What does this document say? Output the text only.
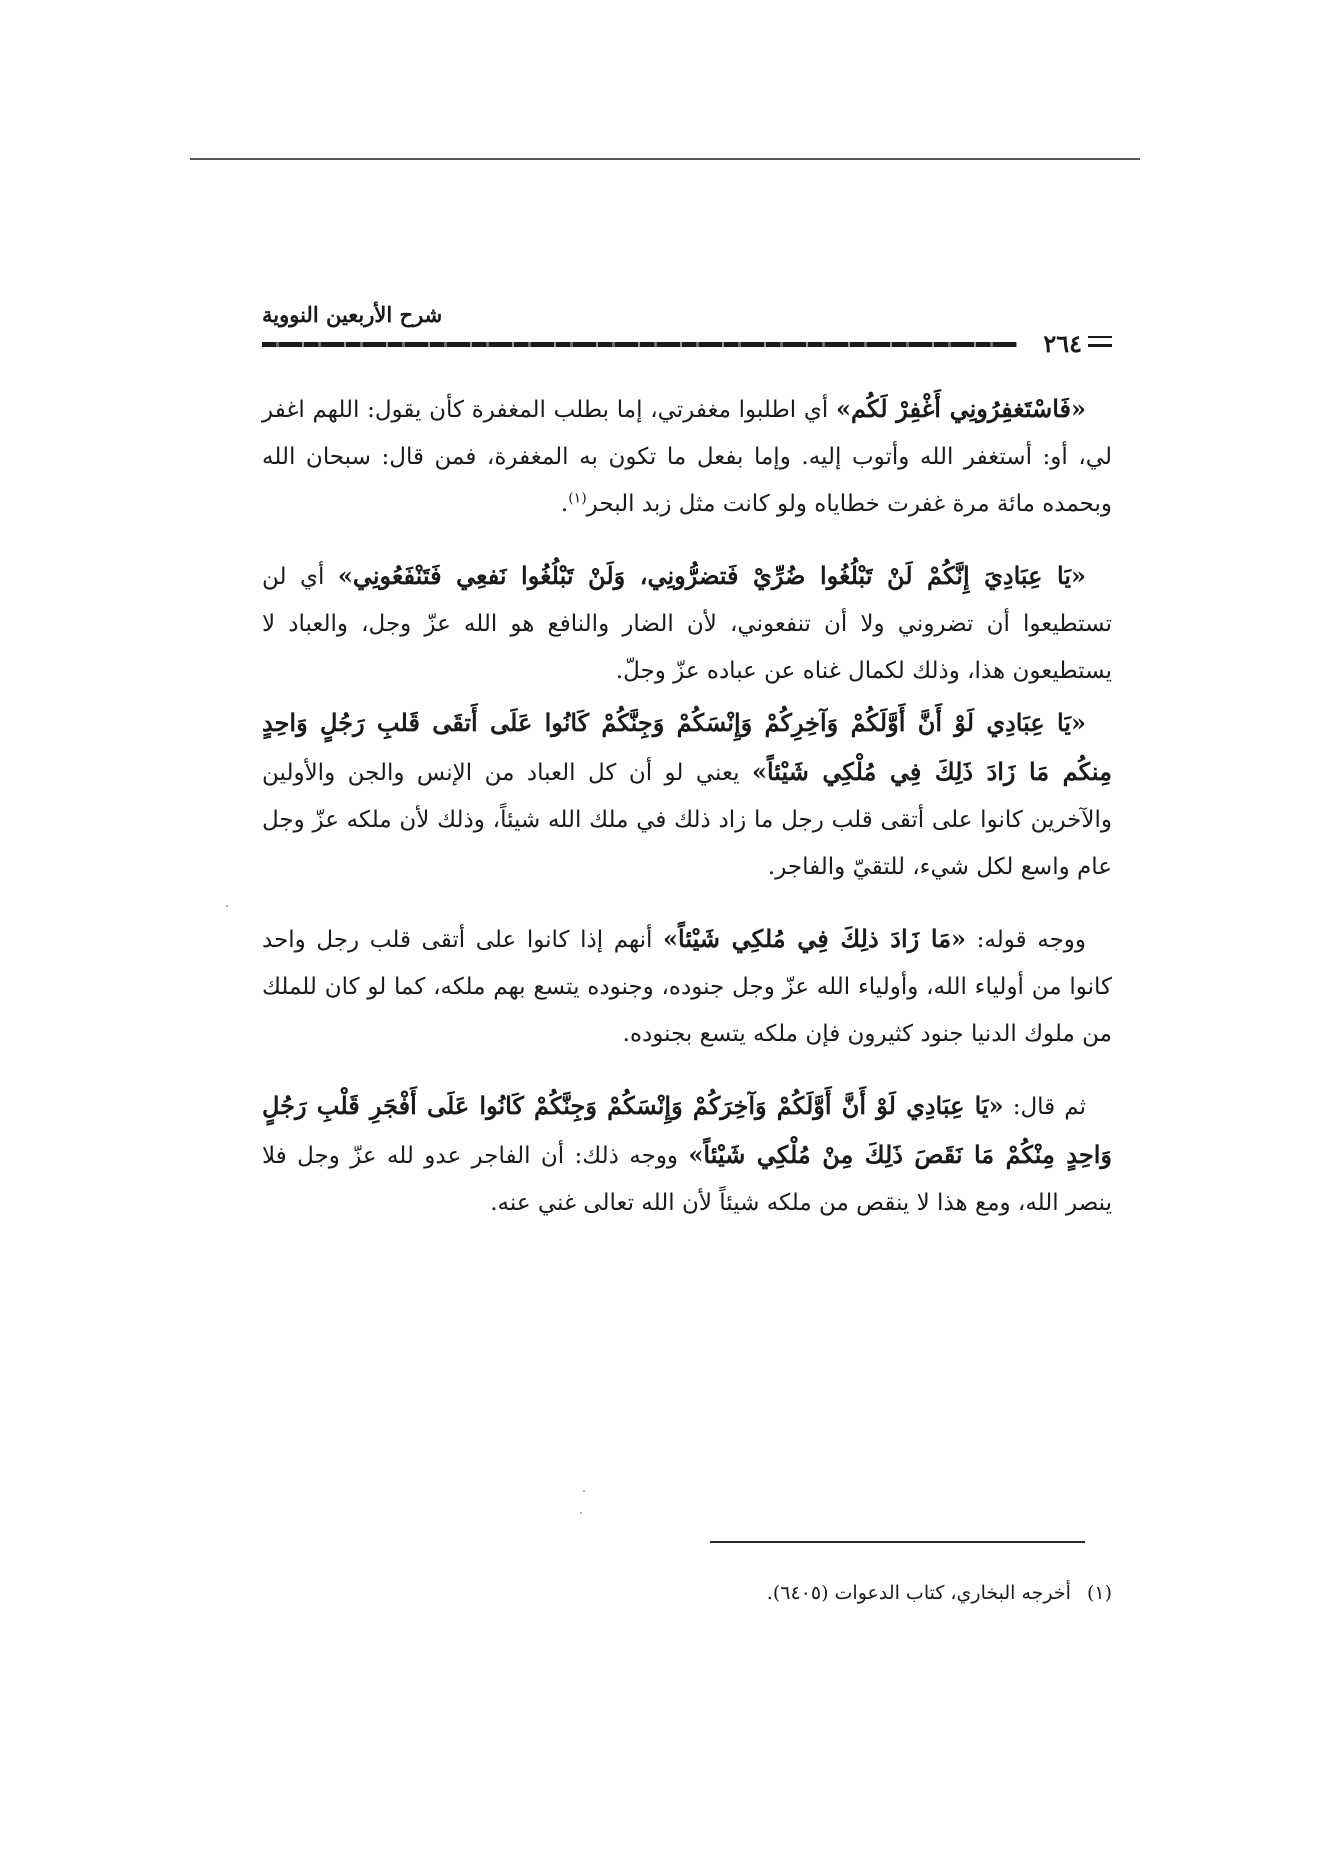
شرح الأربعين النووية
٢٦٤

«فَاسْتَغفِرُونِي أَغْفِرْ لَكُم» أي اطلبوا مغفرتي، إما بطلب المغفرة كأن يقول: اللهم اغفر لي، أو: أستغفر الله وأتوب إليه. وإما بفعل ما تكون به المغفرة، فمن قال: سبحان الله وبحمده مائة مرة غفرت خطاياه ولو كانت مثل زبد البحر$^{(١)}$.

«يَا عِبَادِيَ إِنَّكُمْ لَنْ تَبْلُغُوا ضُرِّيْ فَتضرُّونِي، وَلَنْ تَبْلُغُوا نَفعِي فَتَنْفَعُونِي» أي لن تستطيعوا أن تضروني ولا أن تنفعوني، لأن الضار والنافع هو الله عزّ وجل، والعباد لا يستطيعون هذا، وذلك لكمال غناه عن عباده عزّ وجلّ.

«يَا عِبَادِي لَوْ أَنَّ أَوَّلَكُمْ وَآخِرِكُمْ وَإِنْسَكُمْ وَجِنَّكُمْ كَانُوا عَلَى أَتقَى قَلبِ رَجُلٍ وَاحِدٍ مِنكُم مَا زَادَ ذَلِكَ فِي مُلْكِي شَيْئاً» يعني لو أن كل العباد من الإنس والجن والأولين والآخرين كانوا على أتقى قلب رجل ما زاد ذلك في ملك الله شيئاً، وذلك لأن ملكه عزّ وجل عام واسع لكل شيء، للتقيّ والفاجر.

ووجه قوله: «مَا زَادَ ذلِكَ فِي مُلكِي شَيْئاً» أنهم إذا كانوا على أتقى قلب رجل واحد كانوا من أولياء الله، وأولياء الله عزّ وجل جنوده، وجنوده يتسع بهم ملكه، كما لو كان للملك من ملوك الدنيا جنود كثيرون فإن ملكه يتسع بجنوده.

ثم قال: «يَا عِبَادِي لَوْ أَنَّ أَوَّلَكُمْ وَآخِرَكُمْ وَإِنْسَكُمْ وَجِنَّكُمْ كَانُوا عَلَى أَفْجَرِ قَلْبِ رَجُلٍ وَاحِدٍ مِنْكُمْ مَا نَقَصَ ذَلِكَ مِنْ مُلْكِي شَيْئاً» ووجه ذلك: أن الفاجر عدو لله عزّ وجل فلا ينصر الله، ومع هذا لا ينقص من ملكه شيئاً لأن الله تعالى غني عنه.

(١)أخرجه البخاري، كتاب الدعوات (٦٤٠٥).
